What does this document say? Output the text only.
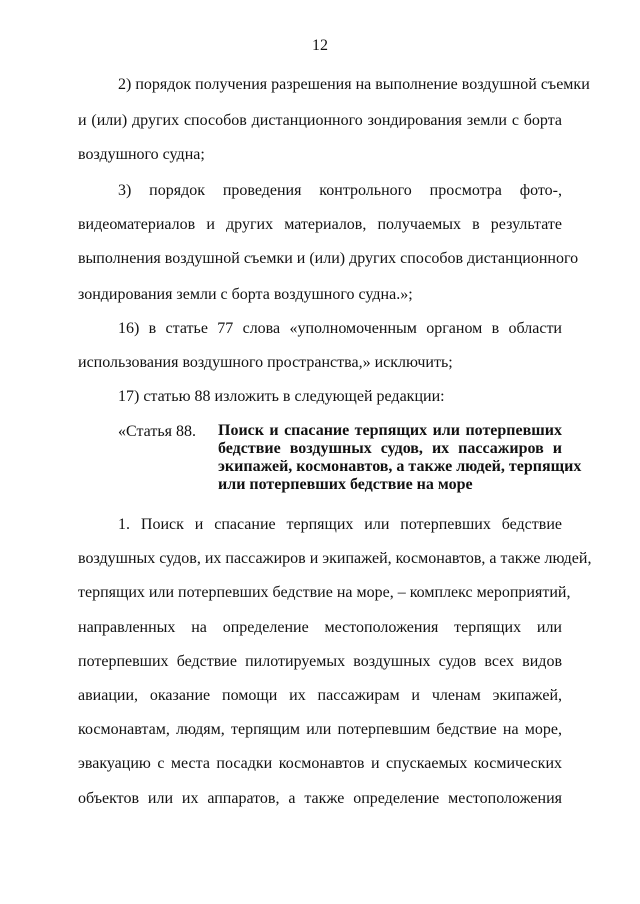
12
2) порядок получения разрешения на выполнение воздушной съемки
и (или) других способов дистанционного зондирования земли с борта
воздушного судна;
3) порядок проведения контрольного просмотра фото-,
видеоматериалов и других материалов, получаемых в результате
выполнения воздушной съемки и (или) других способов дистанционного
зондирования земли с борта воздушного судна.»;
16) в статье 77 слова «уполномоченным органом в области
использования воздушного пространства,» исключить;
17) статью 88 изложить в следующей редакции:
«Статья 88. Поиск и спасание терпящих или потерпевших
бедствие воздушных судов, их пассажиров и
экипажей, космонавтов, а также людей, терпящих
или потерпевших бедствие на море
1. Поиск и спасание терпящих или потерпевших бедствие
воздушных судов, их пассажиров и экипажей, космонавтов, а также людей,
терпящих или потерпевших бедствие на море, – комплекс мероприятий,
направленных на определение местоположения терпящих или
потерпевших бедствие пилотируемых воздушных судов всех видов
авиации, оказание помощи их пассажирам и членам экипажей,
космонавтам, людям, терпящим или потерпевшим бедствие на море,
эвакуацию с места посадки космонавтов и спускаемых космических
объектов или их аппаратов, а также определение местоположения
